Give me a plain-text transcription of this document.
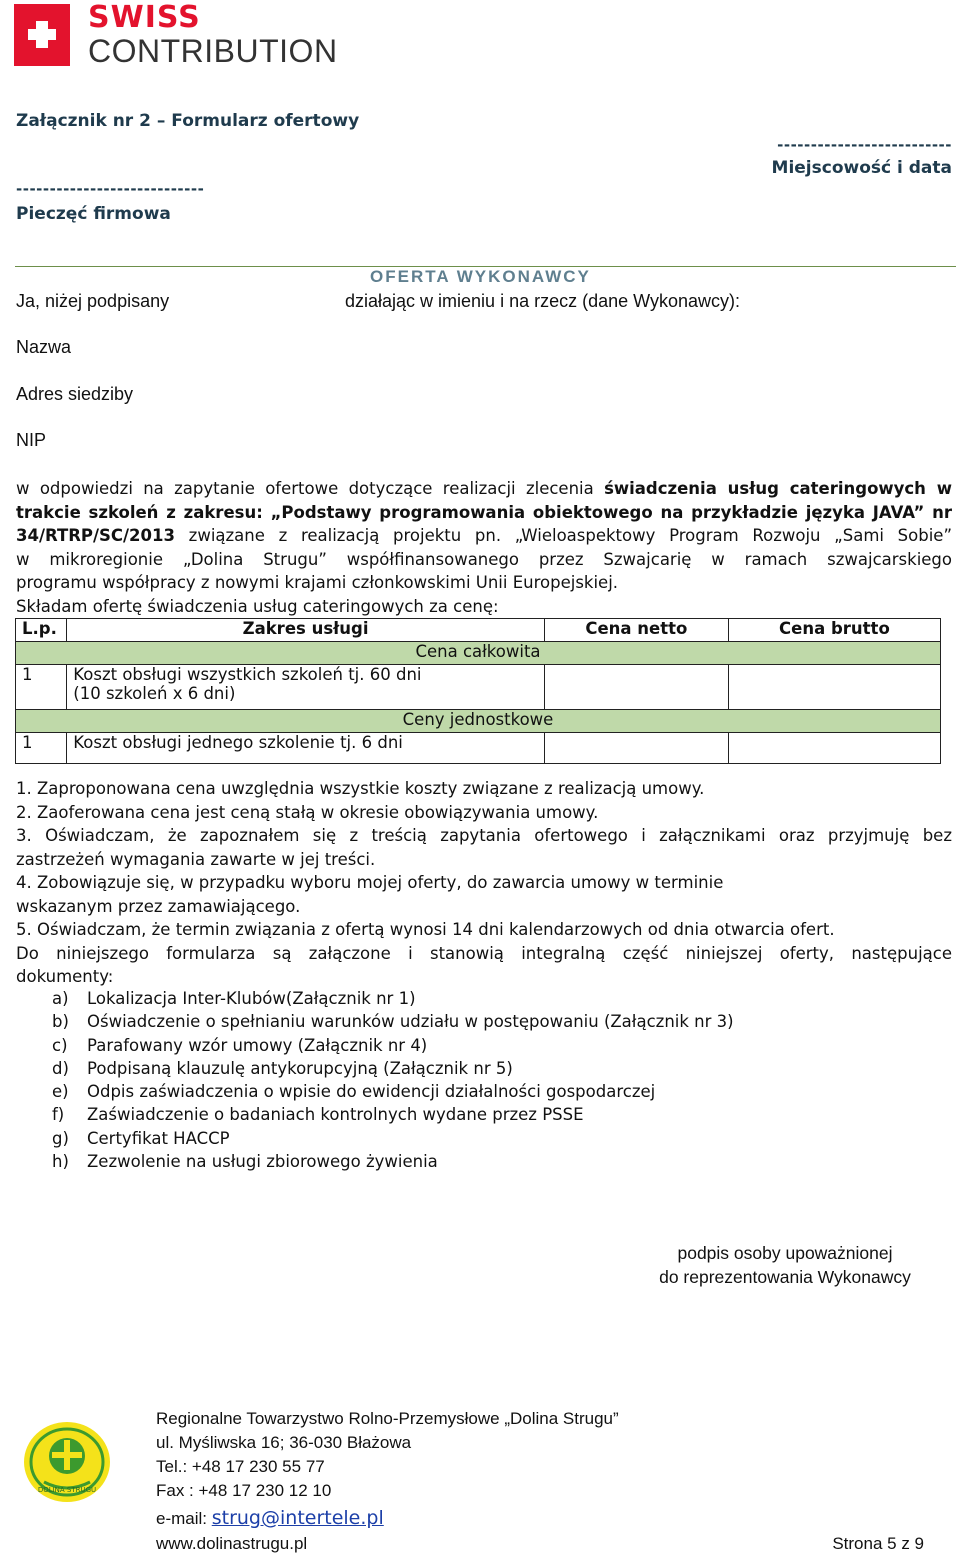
SWISS
CONTRIBUTION
Załącznik nr 2 – Formularz ofertowy
--------------------------
Miejscowość i data
----------------------------
Pieczęć firmowa
OFERTA WYKONAWCY
Ja, niżej podpisany	działając w imieniu i na rzecz (dane Wykonawcy):
Nazwa
Adres siedziby
NIP
w odpowiedzi na zapytanie ofertowe dotyczące realizacji zlecenia świadczenia usług cateringowych w
trakcie szkoleń z zakresu: „Podstawy programowania obiektowego na przykładzie języka JAVA” nr
34/RTRP/SC/2013 związane z realizacją projektu pn. „Wieloaspektowy Program Rozwoju „Sami Sobie”
w mikroregionie „Dolina Strugu” współfinansowanego przez Szwajcarię w ramach szwajcarskiego
programu współpracy z nowymi krajami członkowskimi Unii Europejskiej.
Składam ofertę świadczenia usług cateringowych za cenę:
L.p.	Zakres usługi	Cena netto	Cena brutto
Cena całkowita			
1	Koszt obsługi wszystkich szkoleń tj. 60 dni
(10 szkoleń x 6 dni)		

Ceny jednostkowe			
1	Koszt obsługi jednego szkolenie tj. 6 dni		
1. Zaproponowana cena uwzględnia wszystkie koszty związane z realizacją umowy.
2. Zaoferowana cena jest ceną stałą w okresie obowiązywania umowy.
3. Oświadczam, że zapoznałem się z treścią zapytania ofertowego i załącznikami oraz przyjmuję bez
zastrzeżeń wymagania zawarte w jej treści.
4. Zobowiązuje się, w przypadku wyboru mojej oferty, do zawarcia umowy w terminie
wskazanym przez zamawiającego.
5. Oświadczam, że termin związania z ofertą wynosi 14 dni kalendarzowych od dnia otwarcia ofert.
Do niniejszego formularza są załączone i stanowią integralną część niniejszej oferty, następujące
dokumenty:
a)	Lokalizacja Inter-Klubów(Załącznik nr 1)
b)	Oświadczenie o spełnianiu warunków udziału w postępowaniu (Załącznik nr 3)
c)	Parafowany wzór umowy (Załącznik nr 4)
d)	Podpisaną klauzulę antykorupcyjną (Załącznik nr 5)
e)	Odpis zaświadczenia o wpisie do ewidencji działalności gospodarczej
f)	Zaświadczenie o badaniach kontrolnych wydane przez PSSE
g)	Certyfikat HACCP
h)	Zezwolenie na usługi zbiorowego żywienia
podpis osoby upoważnionej
do reprezentowania Wykonawcy
DOLINA STRUGU
Regionalne Towarzystwo Rolno-Przemysłowe „Dolina Strugu”
ul. Myśliwska 16; 36-030 Błażowa
Tel.: +48 17 230 55 77
Fax : +48 17 230 12 10
e-mail: strug@intertele.pl
www.dolinastrugu.pl	Strona 5 z 9
